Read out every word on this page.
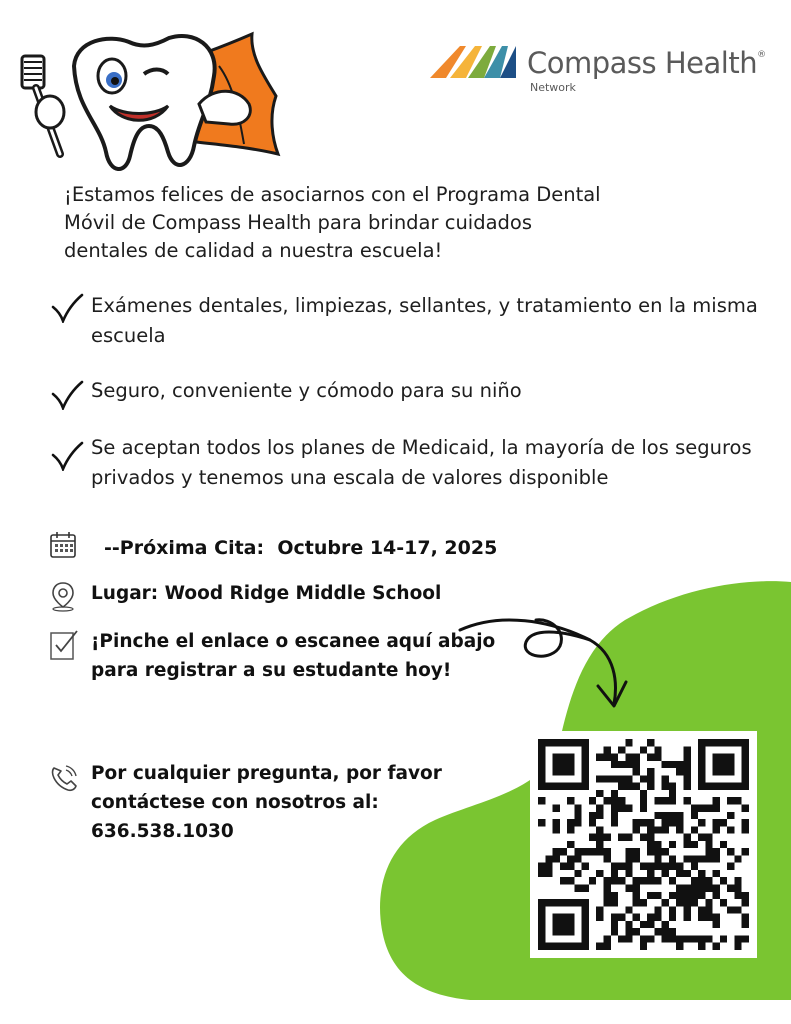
Compass Health®
Network
¡Estamos felices de asociarnos con el Programa Dental
Móvil de Compass Health para brindar cuidados
dentales de calidad a nuestra escuela!
Exámenes dentales, limpiezas, sellantes, y tratamiento en la misma
escuela
Seguro, conveniente y cómodo para su niño
Se aceptan todos los planes de Medicaid, la mayoría de los seguros
privados y tenemos una escala de valores disponible
--Próxima Cita: Octubre 14-17, 2025
Lugar: Wood Ridge Middle School
¡Pinche el enlace o escanee aquí abajo
para registrar a su estudante hoy!
Por cualquier pregunta, por favor
contáctese con nosotros al:
636.538.1030
